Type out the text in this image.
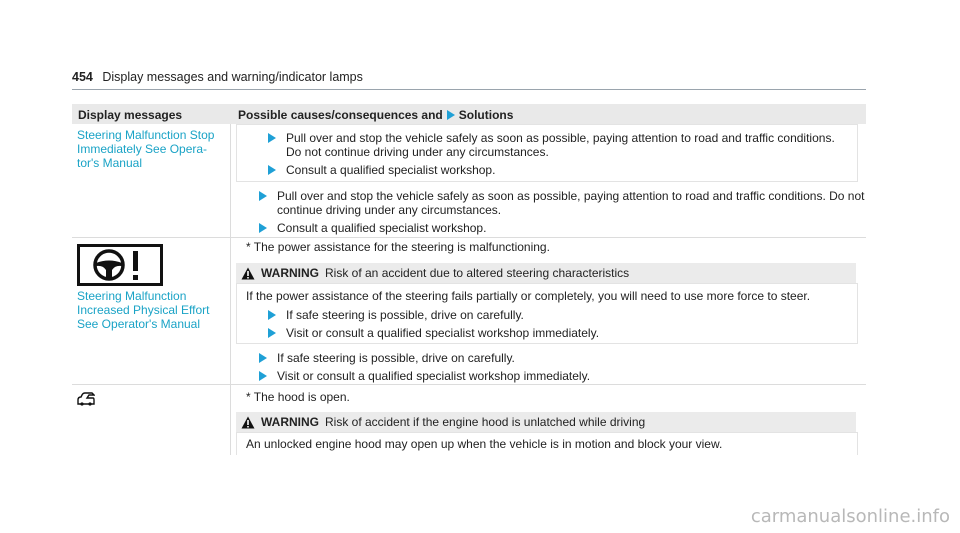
454 Display messages and warning/indicator lamps
Display messages	Possible causes/consequences and Solutions
Steering Malfunction Stop
Immediately See Opera-
tor's Manual
Pull over and stop the vehicle safely as soon as possible, paying attention to road and traffic conditions.
Do not continue driving under any circumstances.
Consult a qualified specialist workshop.
Pull over and stop the vehicle safely as soon as possible, paying attention to road and traffic conditions. Do not
continue driving under any circumstances.
Consult a qualified specialist workshop.
Steering Malfunction
Increased Physical Effort
See Operator's Manual
* The power assistance for the steering is malfunctioning.
WARNING Risk of an accident due to altered steering characteristics
If the power assistance of the steering fails partially or completely, you will need to use more force to steer.
If safe steering is possible, drive on carefully.
Visit or consult a qualified specialist workshop immediately.
If safe steering is possible, drive on carefully.
Visit or consult a qualified specialist workshop immediately.
* The hood is open.
WARNING Risk of accident if the engine hood is unlatched while driving
An unlocked engine hood may open up when the vehicle is in motion and block your view.
carmanualsonline.info
